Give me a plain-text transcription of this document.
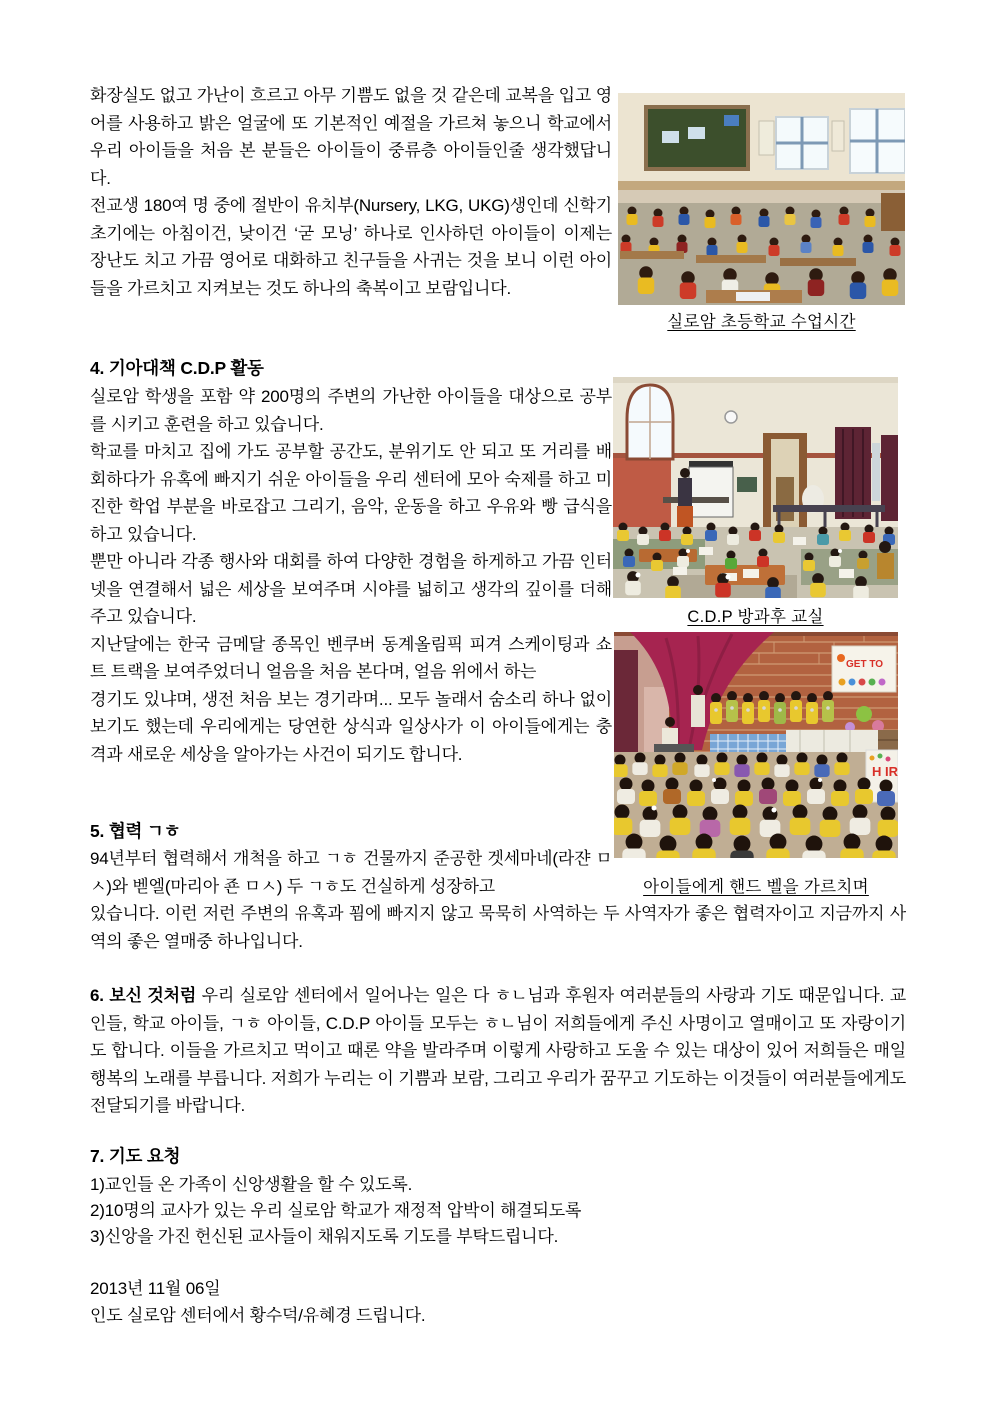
화장실도 없고 가난이 흐르고 아무 기쁨도 없을 것 같은데 교복을 입고 영어를 사용하고 밝은 얼굴에 또 기본적인 예절을 가르쳐 놓으니 학교에서 우리 아이들을 처음 본 분들은 아이들이 중류층 아이들인줄 생각했답니다.

전교생 180여 명 중에 절반이 유치부(Nursery, LKG, UKG)생인데 신학기 초기에는 아침이건, 낮이건 ‘굳 모닝’ 하나로 인사하던 아이들이 이제는 장난도 치고 가끔 영어로 대화하고 친구들을 사귀는 것을 보니 이런 아이들을 가르치고 지켜보는 것도 하나의 축복이고 보람입니다.

4. 기아대책 C.D.P 활동

실로암 학생을 포함 약 200명의 주변의 가난한 아이들을 대상으로 공부를 시키고 훈련을 하고 있습니다.

학교를 마치고 집에 가도 공부할 공간도, 분위기도 안 되고 또 거리를 배회하다가 유혹에 빠지기 쉬운 아이들을 우리 센터에 모아 숙제를 하고 미진한 학업 부분을 바로잡고 그리기, 음악, 운동을 하고 우유와 빵 급식을 하고 있습니다.

뿐만 아니라 각종 행사와 대회를 하여 다양한 경험을 하게하고 가끔 인터넷을 연결해서 넓은 세상을 보여주며 시야를 넓히고 생각의 깊이를 더해주고 있습니다.

지난달에는 한국 금메달 종목인 벤쿠버 동계올림픽 피겨 스케이팅과 쇼트 트랙을 보여주었더니 얼음을 처음 본다며, 얼음 위에서 하는

경기도 있냐며, 생전 처음 보는 경기라며... 모두 놀래서 숨소리 하나 없이 보기도 했는데 우리에게는 당연한 상식과 일상사가 이 아이들에게는 충격과 새로운 세상을 알아가는 사건이 되기도 합니다.

5. 협력 ㄱㅎ

94년부터 협력해서 개척을 하고 ㄱㅎ 건물까지 준공한 겟세마네(라쟌 ㅁㅅ)와 벧엘(마리아 죤 ㅁㅅ) 두 ㄱㅎ도 건실하게 성장하고

있습니다. 이런 저런 주변의 유혹과 꾐에 빠지지 않고 묵묵히 사역하는 두 사역자가 좋은 협력자이고 지금까지 사역의 좋은 열매중 하나입니다.

6. 보신 것처럼 우리 실로암 센터에서 일어나는 일은 다 ㅎㄴ님과 후원자 여러분들의 사랑과 기도 때문입니다. 교인들, 학교 아이들, ㄱㅎ 아이들, C.D.P 아이들 모두는 ㅎㄴ님이 저희들에게 주신 사명이고 열매이고 또 자랑이기도 합니다. 이들을 가르치고 먹이고 때론 약을 발라주며 이렇게 사랑하고 도울 수 있는 대상이 있어 저희들은 매일 행복의 노래를 부릅니다. 저희가 누리는 이 기쁨과 보람, 그리고 우리가 꿈꾸고 기도하는 이것들이 여러분들에게도 전달되기를 바랍니다.

7. 기도 요청

1)교인들 온 가족이 신앙생활을 할 수 있도록.

2)10명의 교사가 있는 우리 실로암 학교가 재정적 압박이 해결되도록

3)신앙을 가진 헌신된 교사들이 채워지도록 기도를 부탁드립니다.

2013년 11월 06일

인도 실로암 센터에서 황수덕/유혜경 드립니다.

실로암 초등학교 수업시간
C.D.P 방과후 교실
GET TO
H IR
아이들에게 핸드 벨을 가르치며
